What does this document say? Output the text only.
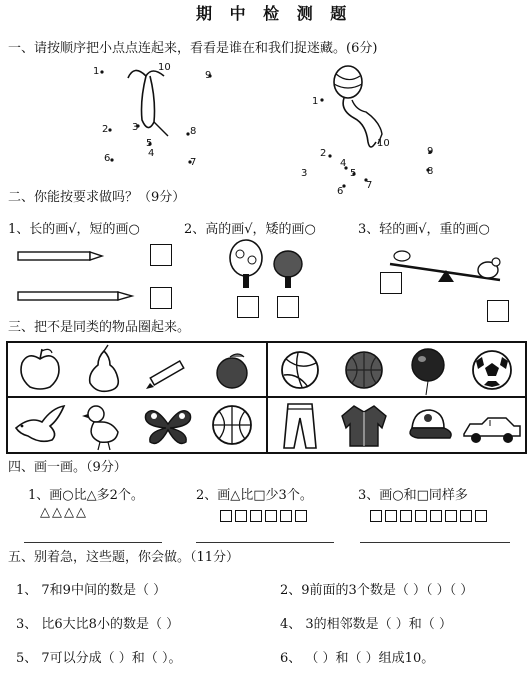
期 中 检 测 题
一、请按顺序把小点点连起来，看看是谁在和我们捉迷藏。(6分)
1	10
9
2 3	8
5
4
6	7
1
10
2	9
3
4
8
5
7
6
二、你能按要求做吗？（9分）
1、长的画√，短的画○	2、高的画√，矮的画○	3、轻的画√，重的画○
三、把不是同类的物品圈起来。
四、画一画。（9分）
1、画○比△多2个。
△△△△
2、画△比□少3个。	3、画○和□同样多
五、别着急，这些题，你会做。（11分）
1、 7和9中间的数是（ ）	2、9前面的3个数是（ ）（ ）（ ）
3、 比6大比8小的数是（ ）	4、 3的相邻数是（ ）和（ ）
5、 7可以分成（ ）和（ ）。	6、 （ ）和（ ）组成10。
